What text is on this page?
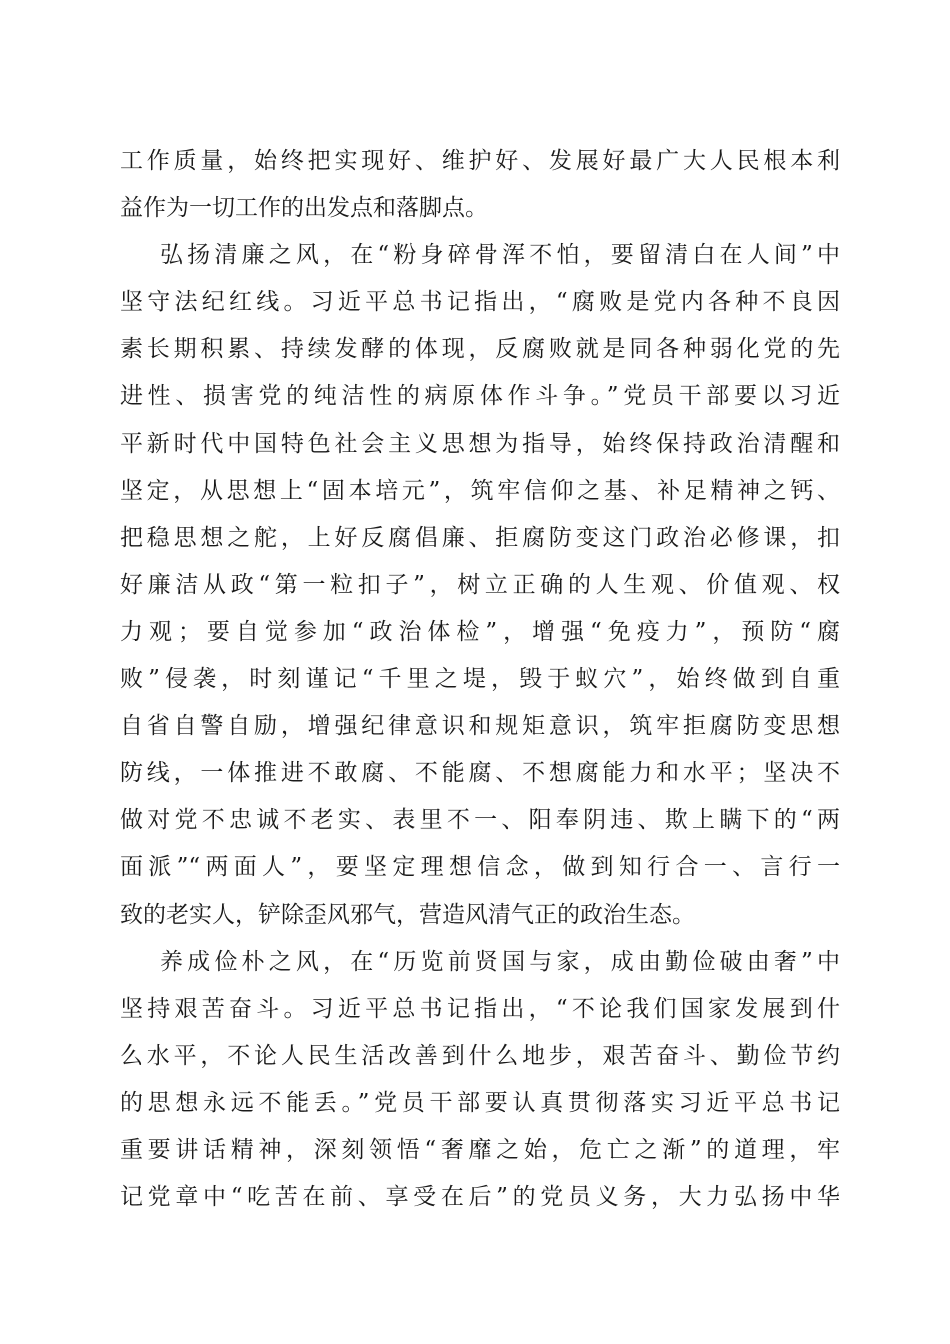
工作质量，始终把实现好、维护好、发展好最广大人民根本利
益作为一切工作的出发点和落脚点。
弘扬清廉之风，在“粉身碎骨浑不怕，要留清白在人间”中
坚守法纪红线。习近平总书记指出，“腐败是党内各种不良因
素长期积累、持续发酵的体现，反腐败就是同各种弱化党的先
进性、损害党的纯洁性的病原体作斗争。”党员干部要以习近
平新时代中国特色社会主义思想为指导，始终保持政治清醒和
坚定，从思想上“固本培元”，筑牢信仰之基、补足精神之钙、
把稳思想之舵，上好反腐倡廉、拒腐防变这门政治必修课，扣
好廉洁从政“第一粒扣子”，树立正确的人生观、价值观、权
力观；要自觉参加“政治体检”，增强“免疫力”，预防“腐
败”侵袭，时刻谨记“千里之堤，毁于蚁穴”，始终做到自重
自省自警自励，增强纪律意识和规矩意识，筑牢拒腐防变思想
防线，一体推进不敢腐、不能腐、不想腐能力和水平；坚决不
做对党不忠诚不老实、表里不一、阳奉阴违、欺上瞒下的“两
面派”“两面人”，要坚定理想信念，做到知行合一、言行一
致的老实人，铲除歪风邪气，营造风清气正的政治生态。
养成俭朴之风，在“历览前贤国与家，成由勤俭破由奢”中
坚持艰苦奋斗。习近平总书记指出，“不论我们国家发展到什
么水平，不论人民生活改善到什么地步，艰苦奋斗、勤俭节约
的思想永远不能丢。”党员干部要认真贯彻落实习近平总书记
重要讲话精神，深刻领悟“奢靡之始，危亡之渐”的道理，牢
记党章中“吃苦在前、享受在后”的党员义务，大力弘扬中华
